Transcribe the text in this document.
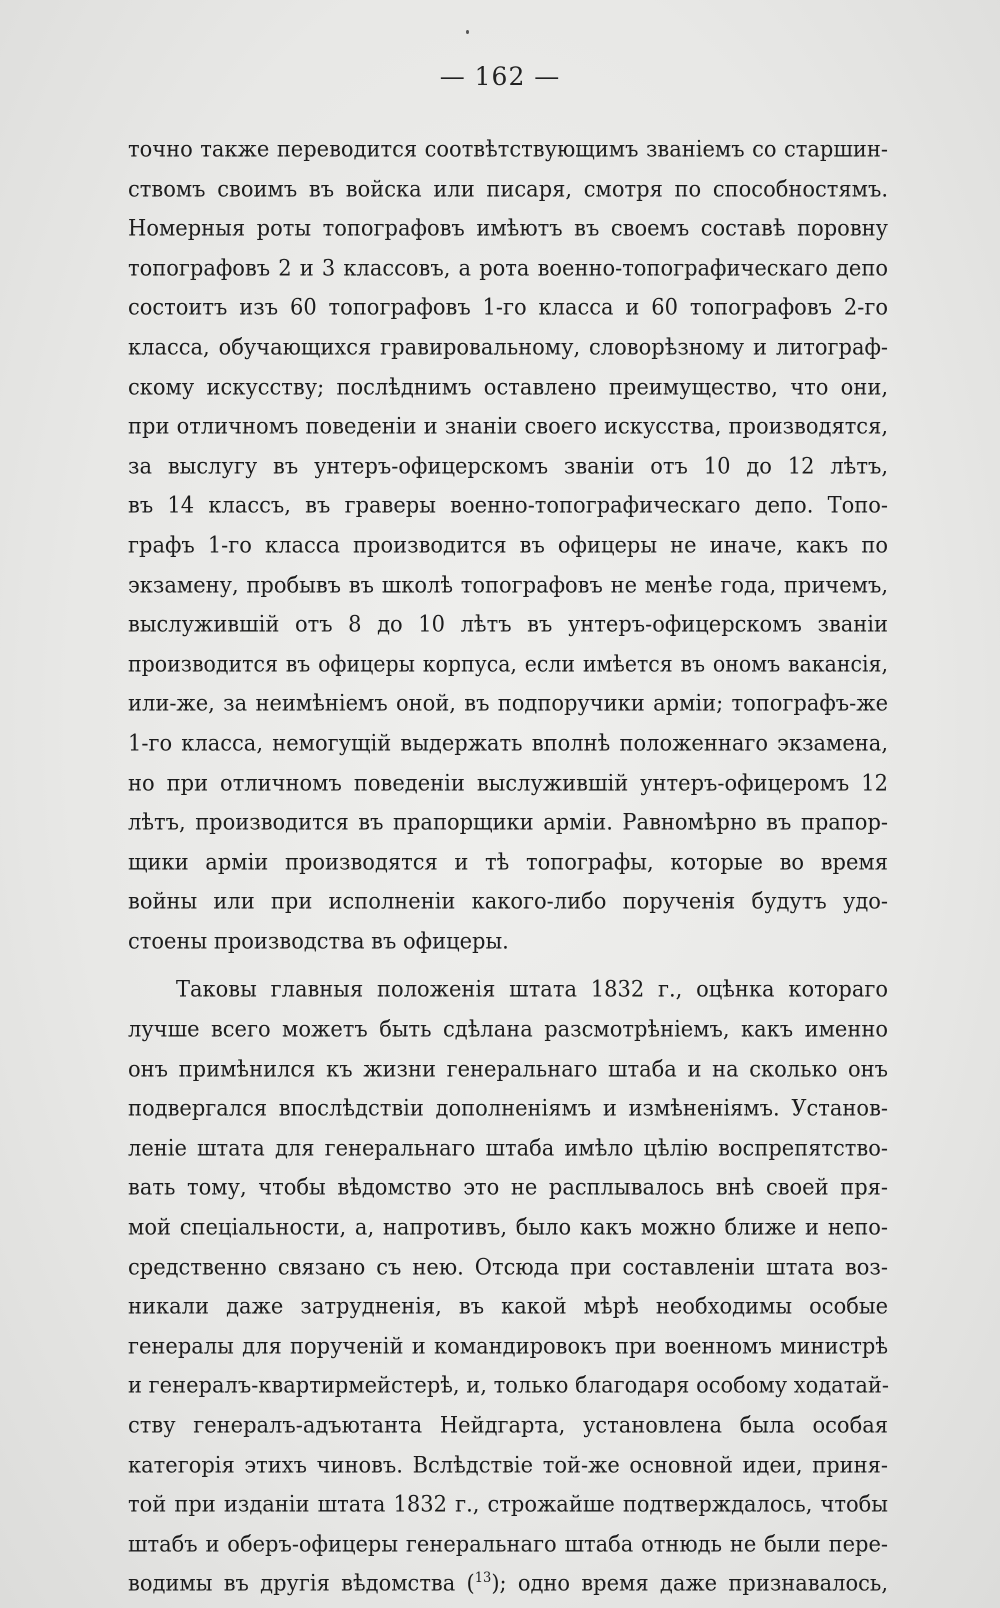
— 162 —
точно также переводится соотвѣтствующимъ званіемъ со старшин-
ствомъ своимъ въ войска или писаря, смотря по способностямъ.
Номерныя роты топографовъ имѣютъ въ своемъ составѣ поровну
топографовъ 2 и 3 классовъ, а рота военно-топографическаго депо
состоитъ изъ 60 топографовъ 1-го класса и 60 топографовъ 2-го
класса, обучающихся гравировальному, словорѣзному и литограф-
скому искусству; послѣднимъ оставлено преимущество, что они,
при отличномъ поведеніи и знаніи своего искусства, производятся,
за выслугу въ унтеръ-офицерскомъ званіи отъ 10 до 12 лѣтъ,
въ 14 классъ, въ граверы военно-топографическаго депо. Топо-
графъ 1-го класса производится въ офицеры не иначе, какъ по
экзамену, пробывъ въ школѣ топографовъ не менѣе года, причемъ,
выслужившій отъ 8 до 10 лѣтъ въ унтеръ-офицерскомъ званіи
производится въ офицеры корпуса, если имѣется въ ономъ вакансія,
или-же, за неимѣніемъ оной, въ подпоручики арміи; топографъ-же
1-го класса, немогущій выдержать вполнѣ положеннаго экзамена,
но при отличномъ поведеніи выслужившій унтеръ-офицеромъ 12
лѣтъ, производится въ прапорщики арміи. Равномѣрно въ прапор-
щики арміи производятся и тѣ топографы, которые во время
войны или при исполненіи какого-либо порученія будутъ удо-
стоены производства въ офицеры.
Таковы главныя положенія штата 1832 г., оцѣнка котораго
лучше всего можетъ быть сдѣлана разсмотрѣніемъ, какъ именно
онъ примѣнился къ жизни генеральнаго штаба и на сколько онъ
подвергался впослѣдствіи дополненіямъ и измѣненіямъ. Установ-
леніе штата для генеральнаго штаба имѣло цѣлію воспрепятство-
вать тому, чтобы вѣдомство это не расплывалось внѣ своей пря-
мой спеціальности, а, напротивъ, было какъ можно ближе и непо-
средственно связано съ нею. Отсюда при составленіи штата воз-
никали даже затрудненія, въ какой мѣрѣ необходимы особые
генералы для порученій и командировокъ при военномъ министрѣ
и генералъ-квартирмейстерѣ, и, только благодаря особому ходатай-
ству генералъ-адъютанта Нейдгарта, установлена была особая
категорія этихъ чиновъ. Вслѣдствіе той-же основной идеи, приня-
той при изданіи штата 1832 г., строжайше подтверждалось, чтобы
штабъ и оберъ-офицеры генеральнаго штаба отнюдь не были пере-
водимы въ другія вѣдомства ($^{13}$); одно время даже признавалось,
